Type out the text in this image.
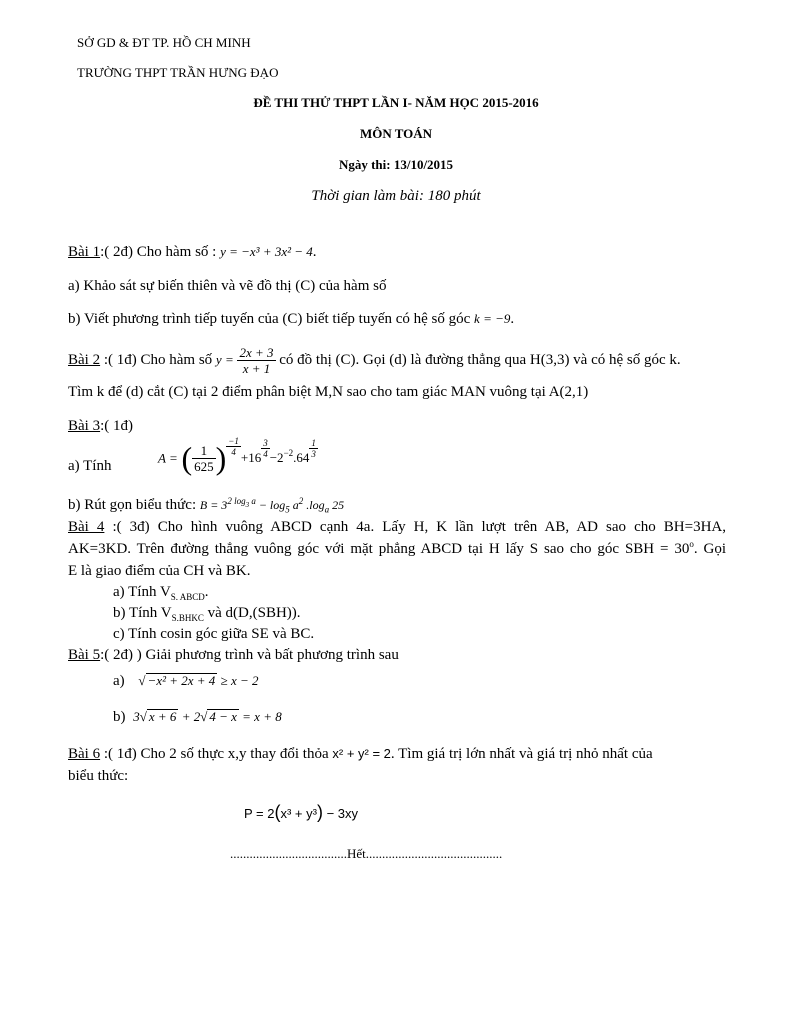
SỞ GD & ĐT TP. HỒ CH MINH
TRƯỜNG THPT TRẦN HƯNG ĐẠO
ĐỀ THI THỬ THPT LẦN I- NĂM HỌC 2015-2016
MÔN TOÁN
Ngày thi: 13/10/2015
Thời gian làm bài: 180 phút
Bài 1:( 2đ) Cho hàm số : y = −x³ + 3x² − 4.
a) Khảo sát sự biến thiên và vẽ đồ thị (C) của hàm số
b) Viết phương trình tiếp tuyến của (C) biết tiếp tuyến có hệ số góc k = −9.
Bài 2 :( 1đ) Cho hàm số $y = \frac{2x + 3}{x + 1}$ có đồ thị (C). Gọi (d) là đường thẳng qua H(3,3) và có hệ số góc k.
Tìm k để (d) cắt (C) tại 2 điểm phân biệt M,N sao cho tam giác MAN vuông tại A(2,1)
Bài 3:( 1đ)
a) Tính	A = ( $\frac{1}{625}$ ) $\frac{-1}{4}$
$+16 \frac{3}{4} -2^{-2}.64 \frac{1}{3}$
b) Rút gọn biểu thức: $B = 3^{2 log_3 a} - \log_5 a^2$ $.\log_a$ 25
Bài 4 :( 3đ) Cho hình vuông ABCD cạnh 4a. Lấy H, K lần lượt trên AB, AD sao cho BH=3HA,
AK=3KD. Trên đường thẳng vuông góc với mặt phẳng ABCD tại H lấy S sao cho góc SBH = $30^o$. Gọi
E là giao điểm của CH và BK.
a) Tính $V_{S. ABCD}$.
b) Tính $V_{S.BHKC}$ và d(D,(SBH)).
c) Tính cosin góc giữa SE và BC.
Bài 5:( 2đ) ) Giải phương trình và bất phương trình sau
a) √ −x² + 2x + 4 ≥ x − 2
b) 3√ x + 6 + 2√ 4 − x = x + 8
Bài 6 :( 1đ) Cho 2 số thực x,y thay đổi thỏa x² + y² = 2. Tìm giá trị lớn nhất và giá trị nhỏ nhất của
biểu thức:
P = 2(x³ + y³) − 3xy
....................................Hết..........................................
